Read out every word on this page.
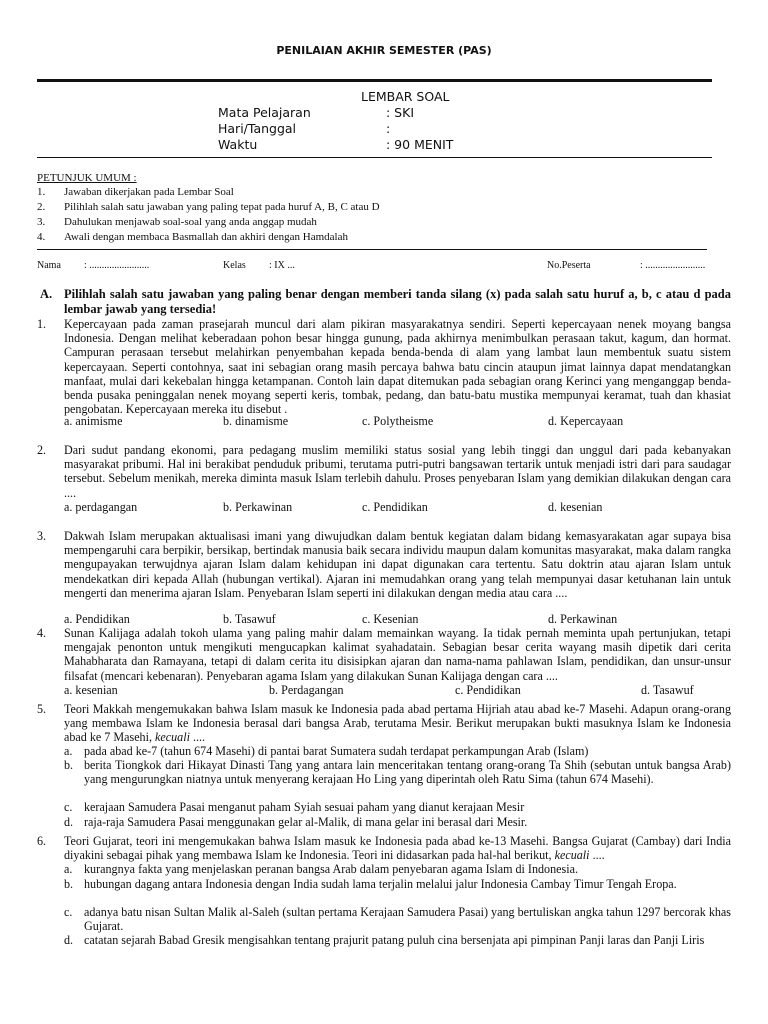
PENILAIAN AKHIR SEMESTER (PAS)
LEMBAR SOAL
Mata Pelajaran	: SKI
Hari/Tanggal	:
Waktu	: 90 MENIT
PETUNJUK UMUM :
1. Jawaban dikerjakan pada Lembar Soal
2. Pilihlah salah satu jawaban yang paling tepat pada huruf A, B, C atau D
3. Dahulukan menjawab soal-soal yang anda anggap mudah
4. Awali dengan membaca Basmallah dan akhiri dengan Hamdalah
Nama : ........................	Kelas : IX ...	No.Peserta	: ........................
A. Pilihlah salah satu jawaban yang paling benar dengan memberi tanda silang (x) pada salah satu huruf a, b, c atau d pada lembar jawab yang tersedia!
1. Kepercayaan pada zaman prasejarah muncul dari alam pikiran masyarakatnya sendiri. Seperti kepercayaan nenek moyang bangsa Indonesia. Dengan melihat keberadaan pohon besar hingga gunung, pada akhirnya menimbulkan perasaan takut, kagum, dan hormat. Campuran perasaan tersebut melahirkan penyembahan kepada benda-benda di alam yang lambat laun membentuk suatu sistem kepercayaan. Seperti contohnya, saat ini sebagian orang masih percaya bahwa batu cincin ataupun jimat lainnya dapat mendatangkan manfaat, mulai dari kekebalan hingga ketampanan. Contoh lain dapat ditemukan pada sebagian orang Kerinci yang menganggap benda-benda pusaka peninggalan nenek moyang seperti keris, tombak, pedang, dan batu-batu mustika mempunyai keramat, tuah dan khasiat pengobatan. Kepercayaan mereka itu disebut .
a. animisme	b. dinamisme	c. Polytheisme	d. Kepercayaan
2. Dari sudut pandang ekonomi, para pedagang muslim memiliki status sosial yang lebih tinggi dan unggul dari pada kebanyakan masyarakat pribumi. Hal ini berakibat penduduk pribumi, terutama putri-putri bangsawan tertarik untuk menjadi istri dari para saudagar tersebut. Sebelum menikah, mereka diminta masuk Islam terlebih dahulu. Proses penyebaran Islam yang demikian dilakukan dengan cara ....
a. perdagangan	b. Perkawinan	c. Pendidikan	d. kesenian
3. Dakwah Islam merupakan aktualisasi imani yang diwujudkan dalam bentuk kegiatan dalam bidang kemasyarakatan agar supaya bisa mempengaruhi cara berpikir, bersikap, bertindak manusia baik secara individu maupun dalam komunitas masyarakat, maka dalam rangka mengupayakan terwujdnya ajaran Islam dalam kehidupan ini dapat digunakan cara tertentu. Satu doktrin atau ajaran Islam untuk mendekatkan diri kepada Allah (hubungan vertikal). Ajaran ini memudahkan orang yang telah mempunyai dasar ketuhanan lain untuk mengerti dan menerima ajaran Islam. Penyebaran Islam seperti ini dilakukan dengan media atau cara ....
a. Pendidikan	b. Tasawuf	c. Kesenian	d. Perkawinan
4. Sunan Kalijaga adalah tokoh ulama yang paling mahir dalam memainkan wayang. Ia tidak pernah meminta upah pertunjukan, tetapi mengajak penonton untuk mengikuti mengucapkan kalimat syahadatain. Sebagian besar cerita wayang masih dipetik dari cerita Mahabharata dan Ramayana, tetapi di dalam cerita itu disisipkan ajaran dan nama-nama pahlawan Islam, pendidikan, dan unsur-unsur filsafat (mencari kebenaran). Penyebaran agama Islam yang dilakukan Sunan Kalijaga dengan cara ....
a. kesenian	b. Perdagangan	c. Pendidikan	d. Tasawuf
5. Teori Makkah mengemukakan bahwa Islam masuk ke Indonesia pada abad pertama Hijriah atau abad ke-7 Masehi. Adapun orang-orang yang membawa Islam ke Indonesia berasal dari bangsa Arab, terutama Mesir. Berikut merupakan bukti masuknya Islam ke Indonesia abad ke 7 Masehi, kecuali ....
a. pada abad ke-7 (tahun 674 Masehi) di pantai barat Sumatera sudah terdapat perkampungan Arab (Islam)
b. berita Tiongkok dari Hikayat Dinasti Tang yang antara lain menceritakan tentang orang-orang Ta Shih (sebutan untuk bangsa Arab) yang mengurungkan niatnya untuk menyerang kerajaan Ho Ling yang diperintah oleh Ratu Sima (tahun 674 Masehi).
c. kerajaan Samudera Pasai menganut paham Syiah sesuai paham yang dianut kerajaan Mesir
d. raja-raja Samudera Pasai menggunakan gelar al-Malik, di mana gelar ini berasal dari Mesir.
6. Teori Gujarat, teori ini mengemukakan bahwa Islam masuk ke Indonesia pada abad ke-13 Masehi. Bangsa Gujarat (Cambay) dari India diyakini sebagai pihak yang membawa Islam ke Indonesia. Teori ini didasarkan pada hal-hal berikut, kecuali ....
a. kurangnya fakta yang menjelaskan peranan bangsa Arab dalam penyebaran agama Islam di Indonesia.
b. hubungan dagang antara Indonesia dengan India sudah lama terjalin melalui jalur Indonesia Cambay Timur Tengah Eropa.
c. adanya batu nisan Sultan Malik al-Saleh (sultan pertama Kerajaan Samudera Pasai) yang bertuliskan angka tahun 1297 bercorak khas Gujarat.
d. catatan sejarah Babad Gresik mengisahkan tentang prajurit patang puluh cina bersenjata api pimpinan Panji laras dan Panji Liris
